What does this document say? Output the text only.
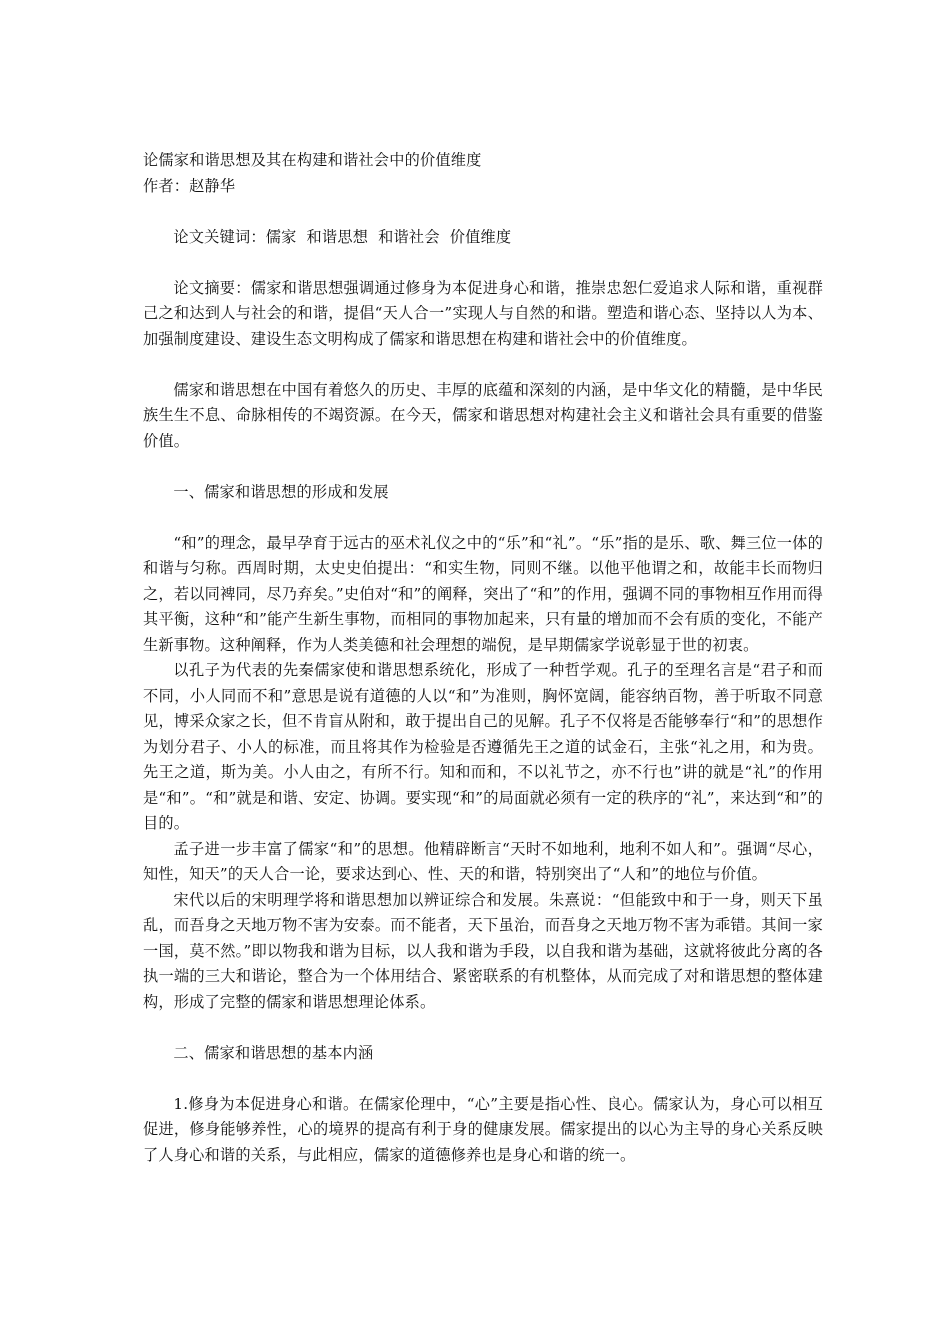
论儒家和谐思想及其在构建和谐社会中的价值维度

作者：赵静华

论文关键词：儒家  和谐思想  和谐社会  价值维度

论文摘要：儒家和谐思想强调通过修身为本促进身心和谐，推崇忠恕仁爱追求人际和谐，重视群己之和达到人与社会的和谐，提倡“天人合一”实现人与自然的和谐。塑造和谐心态、坚持以人为本、加强制度建设、建设生态文明构成了儒家和谐思想在构建和谐社会中的价值维度。

儒家和谐思想在中国有着悠久的历史、丰厚的底蕴和深刻的内涵，是中华文化的精髓，是中华民族生生不息、命脉相传的不竭资源。在今天，儒家和谐思想对构建社会主义和谐社会具有重要的借鉴价值。

一、儒家和谐思想的形成和发展

“和”的理念，最早孕育于远古的巫术礼仪之中的“乐”和“礼”。“乐”指的是乐、歌、舞三位一体的和谐与匀称。西周时期，太史史伯提出：“和实生物，同则不继。以他平他谓之和，故能丰长而物归之，若以同裨同，尽乃弃矣。”史伯对“和”的阐释，突出了“和”的作用，强调不同的事物相互作用而得其平衡，这种“和”能产生新生事物，而相同的事物加起来，只有量的增加而不会有质的变化，不能产生新事物。这种阐释，作为人类美德和社会理想的端倪，是早期儒家学说彰显于世的初衷。

以孔子为代表的先秦儒家使和谐思想系统化，形成了一种哲学观。孔子的至理名言是“君子和而不同，小人同而不和”意思是说有道德的人以“和”为准则，胸怀宽阔，能容纳百物，善于听取不同意见，博采众家之长，但不肯盲从附和，敢于提出自己的见解。孔子不仅将是否能够奉行“和”的思想作为划分君子、小人的标准，而且将其作为检验是否遵循先王之道的试金石，主张“礼之用，和为贵。先王之道，斯为美。小人由之，有所不行。知和而和，不以礼节之，亦不行也”讲的就是“礼”的作用是“和”。“和”就是和谐、安定、协调。要实现“和”的局面就必须有一定的秩序的“礼”，来达到“和”的目的。

孟子进一步丰富了儒家“和”的思想。他精辟断言“天时不如地利，地利不如人和”。强调“尽心，知性，知天”的天人合一论，要求达到心、性、天的和谐，特别突出了“人和”的地位与价值。

宋代以后的宋明理学将和谐思想加以辨证综合和发展。朱熹说：“但能致中和于一身，则天下虽乱，而吾身之天地万物不害为安泰。而不能者，天下虽治，而吾身之天地万物不害为乖错。其间一家一国，莫不然。”即以物我和谐为目标，以人我和谐为手段，以自我和谐为基础，这就将彼此分离的各执一端的三大和谐论，整合为一个体用结合、紧密联系的有机整体，从而完成了对和谐思想的整体建构，形成了完整的儒家和谐思想理论体系。

二、儒家和谐思想的基本内涵

1.修身为本促进身心和谐。在儒家伦理中，“心”主要是指心性、良心。儒家认为，身心可以相互促进，修身能够养性，心的境界的提高有利于身的健康发展。儒家提出的以心为主导的身心关系反映了人身心和谐的关系，与此相应，儒家的道德修养也是身心和谐的统一。
